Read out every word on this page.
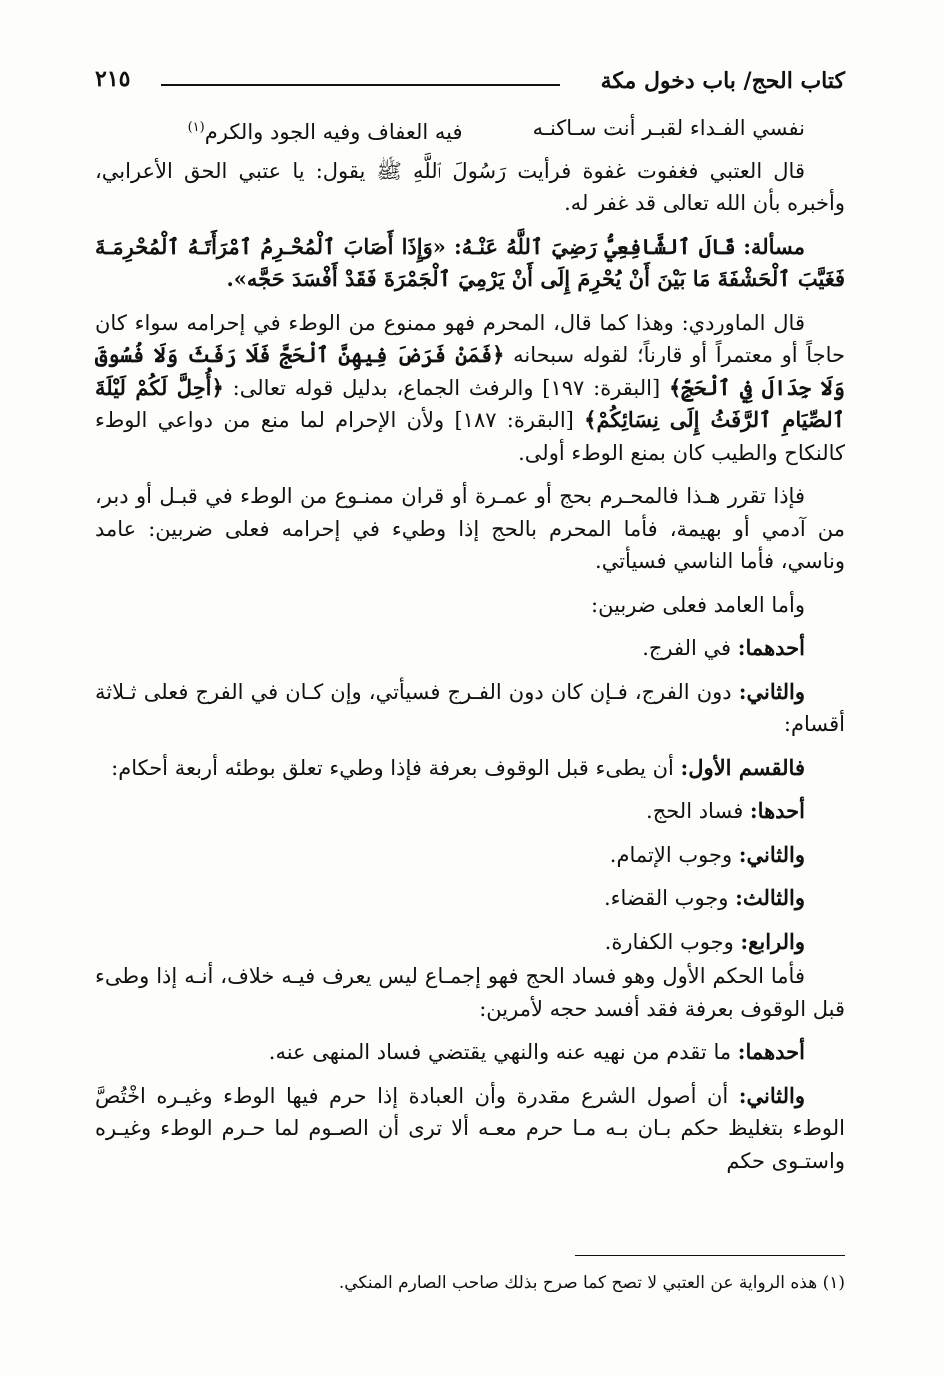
كتاب الحج/ باب دخول مكة
٢١٥
نفسي الفـداء لقبـر أنت سـاكنـه
فيه العفاف وفيه الجود والكرم$^{(١)}$

قال العتبي فغفوت غفوة فرأيت رَسُولَ ٱللَّهِ ﷺ يقول: يا عتبي الحق الأعرابي، وأخبره بأن الله تعالى قد غفر له.

مسألة: قَالَ ٱلشَّافِعِيُّ رَضِيَ ٱللَّهُ عَنْـهُ: «وَإِذَا أَصَابَ ٱلْمُحْـرِمُ ٱمْرَأَتَـهُ ٱلْمُحْرِمَـةَ فَغَيَّبَ ٱلْحَشْفَةَ مَا بَيْنَ أَنْ يُحْرِمَ إِلَى أَنْ يَرْمِيَ ٱلْجَمْرَةَ فَقَدْ أَفْسَدَ حَجَّه».

قال الماوردي: وهذا كما قال، المحرم فهو ممنوع من الوطء في إحرامه سواء كان حاجاً أو معتمراً أو قارناً؛ لقوله سبحانه ﴿فَمَنْ فَرَضَ فِيهِنَّ ٱلْحَجَّ فَلَا رَفَثَ وَلَا فُسُوقَ وَلَا جِدَالَ فِي ٱلْحَجِّ﴾ [البقرة: ١٩٧] والرفث الجماع، بدليل قوله تعالى: ﴿أُحِلَّ لَكُمْ لَيْلَةَ ٱلصِّيَامِ ٱلرَّفَثُ إِلَى نِسَائِكُمْ﴾ [البقرة: ١٨٧] ولأن الإحرام لما منع من دواعي الوطء كالنكاح والطيب كان بمنع الوطء أولى.

فإذا تقرر هـذا فالمحـرم بحج أو عمـرة أو قران ممنـوع من الوطء في قبـل أو دبر، من آدمي أو بهيمة، فأما المحرم بالحج إذا وطيء في إحرامه فعلى ضربين: عامد وناسي، فأما الناسي فسيأتي.

وأما العامد فعلى ضربين:

أحدهما: في الفرج.

والثاني: دون الفرج، فـإن كان دون الفـرج فسيأتي، وإن كـان في الفرج فعلى ثـلاثة أقسام:

فالقسم الأول: أن يطىء قبل الوقوف بعرفة فإذا وطيء تعلق بوطئه أربعة أحكام:

أحدها: فساد الحج.

والثاني: وجوب الإتمام.

والثالث: وجوب القضاء.

والرابع: وجوب الكفارة.

فأما الحكم الأول وهو فساد الحج فهو إجمـاع ليس يعرف فيـه خلاف، أنـه إذا وطىء قبل الوقوف بعرفة فقد أفسد حجه لأمرين:

أحدهما: ما تقدم من نهيه عنه والنهي يقتضي فساد المنهى عنه.

والثاني: أن أصول الشرع مقدرة وأن العبادة إذا حرم فيها الوطء وغيـره اخْتُصَّ الوطء بتغليظ حكم بـان بـه مـا حرم معـه ألا ترى أن الصـوم لما حـرم الوطء وغيـره واستـوى حكم

(١) هذه الرواية عن العتبي لا تصح كما صرح بذلك صاحب الصارم المنكي.
